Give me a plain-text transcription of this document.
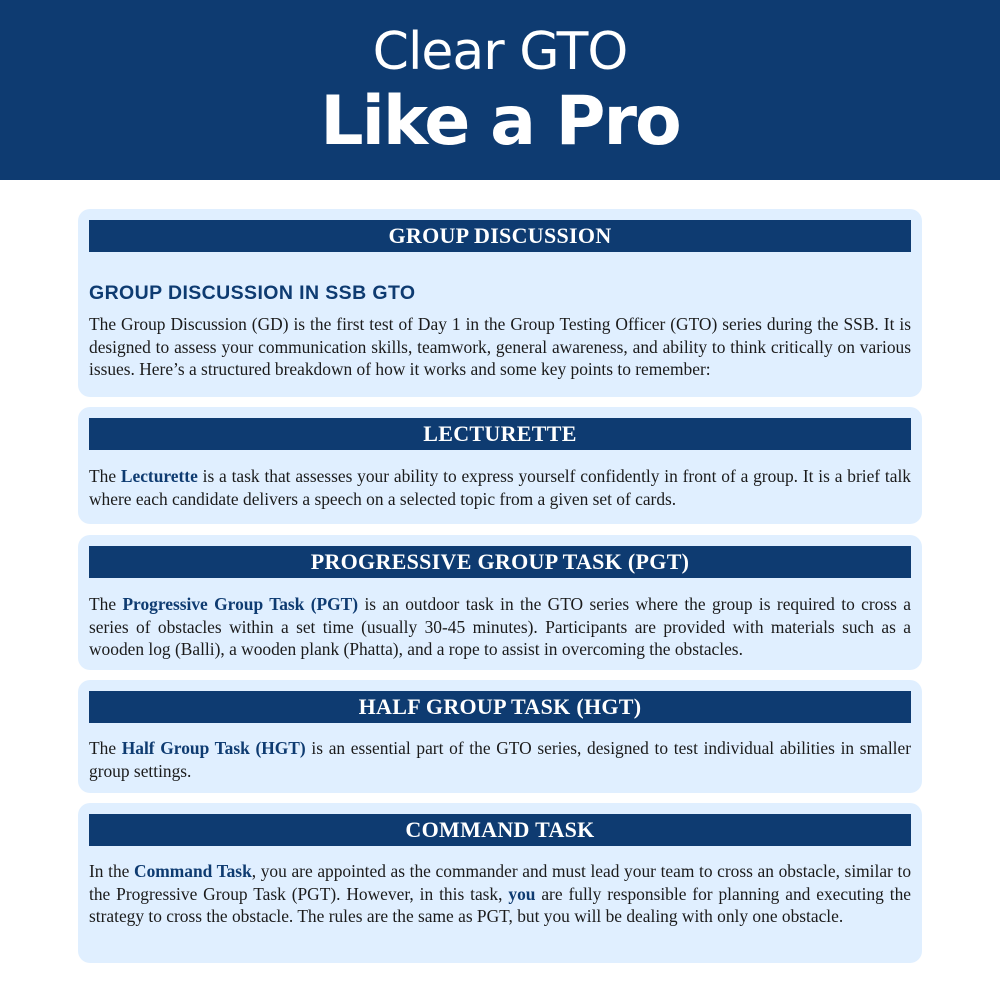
Clear GTO
Like a Pro
GROUP DISCUSSION
GROUP DISCUSSION IN SSB GTO
The Group Discussion (GD) is the first test of Day 1 in the Group Testing Officer (GTO) series during the SSB. It is designed to assess your communication skills, teamwork, general awareness, and ability to think critically on various issues. Here’s a structured breakdown of how it works and some key points to remember:
LECTURETTE
The Lecturette is a task that assesses your ability to express yourself confidently in front of a group. It is a brief talk where each candidate delivers a speech on a selected topic from a given set of cards.
PROGRESSIVE GROUP TASK (PGT)
The Progressive Group Task (PGT) is an outdoor task in the GTO series where the group is required to cross a series of obstacles within a set time (usually 30-45 minutes). Participants are provided with materials such as a wooden log (Balli), a wooden plank (Phatta), and a rope to assist in overcoming the obstacles.
HALF GROUP TASK (HGT)
The Half Group Task (HGT) is an essential part of the GTO series, designed to test individual abilities in smaller group settings.
COMMAND TASK
In the Command Task, you are appointed as the commander and must lead your team to cross an obstacle, similar to the Progressive Group Task (PGT). However, in this task, you are fully responsible for planning and executing the strategy to cross the obstacle. The rules are the same as PGT, but you will be dealing with only one obstacle.
